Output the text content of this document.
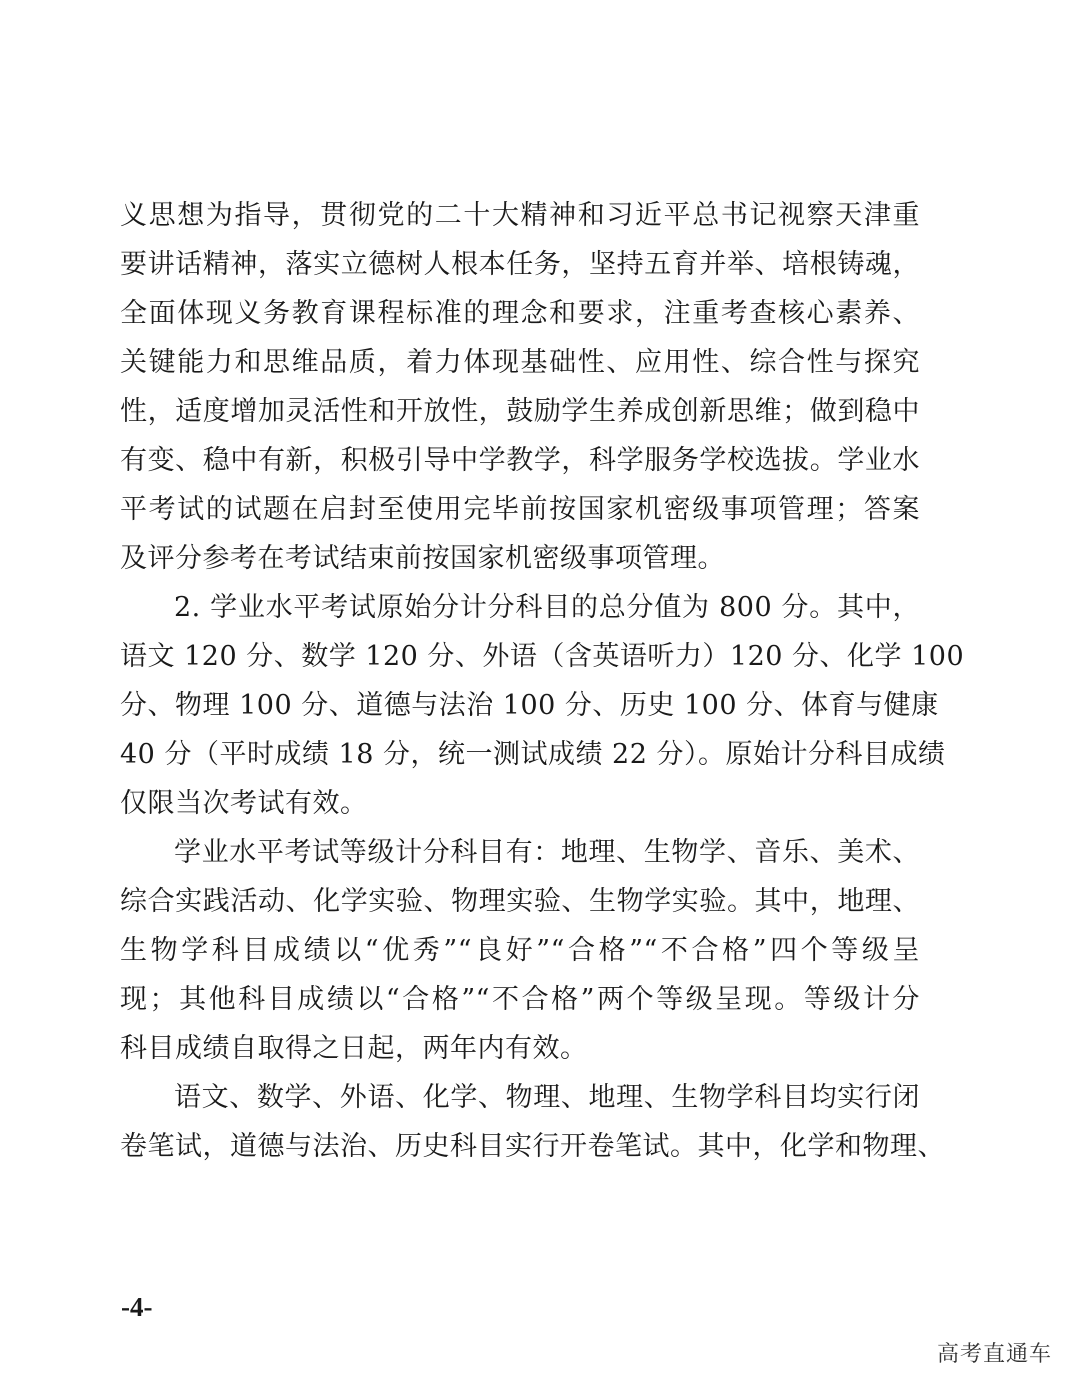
义思想为指导，贯彻党的二十大精神和习近平总书记视察天津重
要讲话精神，落实立德树人根本任务，坚持五育并举、培根铸魂，
全面体现义务教育课程标准的理念和要求，注重考查核心素养、
关键能力和思维品质，着力体现基础性、应用性、综合性与探究
性，适度增加灵活性和开放性，鼓励学生养成创新思维；做到稳中
有变、稳中有新，积极引导中学教学，科学服务学校选拔。学业水
平考试的试题在启封至使用完毕前按国家机密级事项管理；答案
及评分参考在考试结束前按国家机密级事项管理。
2. 学业水平考试原始分计分科目的总分值为 800 分。其中，
语文 120 分、数学 120 分、外语（含英语听力）120 分、化学 100
分、物理 100 分、道德与法治 100 分、历史 100 分、体育与健康
40 分（平时成绩 18 分，统一测试成绩 22 分）。原始计分科目成绩
仅限当次考试有效。
学业水平考试等级计分科目有：地理、生物学、音乐、美术、
综合实践活动、化学实验、物理实验、生物学实验。其中，地理、
生物学科目成绩以“优秀”“良好”“合格”“不合格”四个等级呈
现；其他科目成绩以“合格”“不合格”两个等级呈现。等级计分
科目成绩自取得之日起，两年内有效。
语文、数学、外语、化学、物理、地理、生物学科目均实行闭
卷笔试，道德与法治、历史科目实行开卷笔试。其中，化学和物理、
-4-
高考直通车
